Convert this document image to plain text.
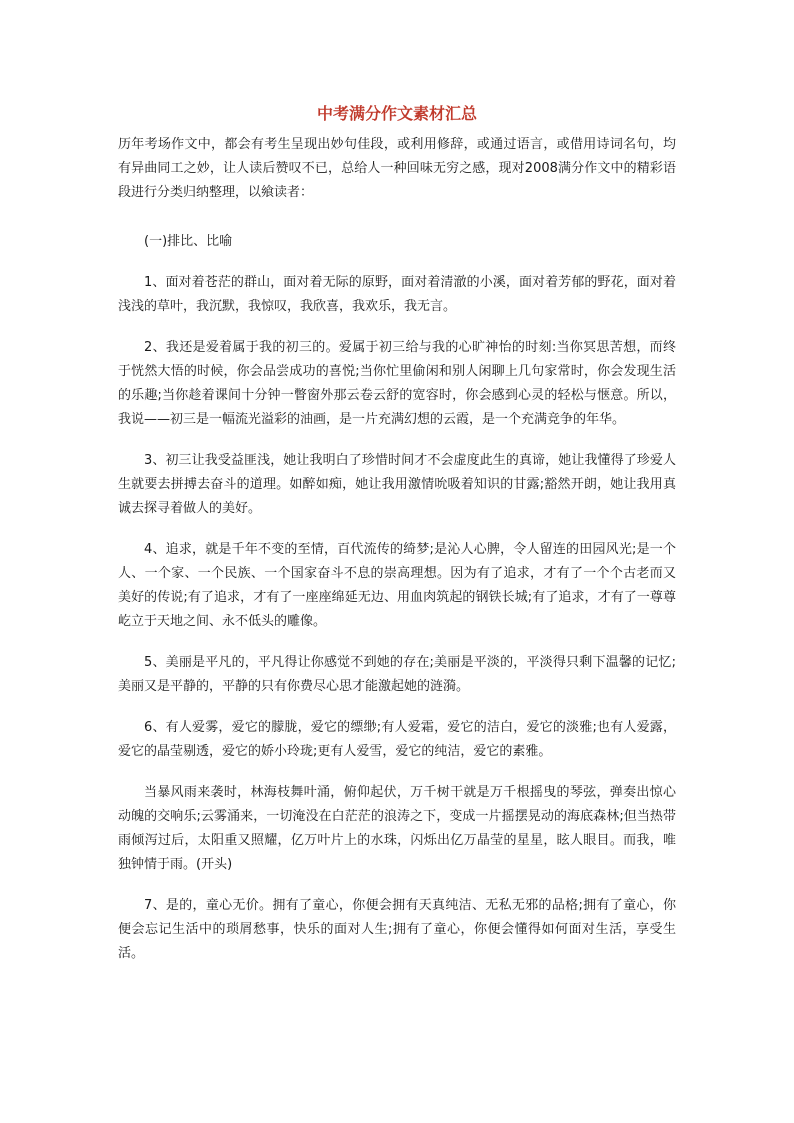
中考满分作文素材汇总

历年考场作文中，都会有考生呈现出妙句佳段，或利用修辞，或通过语言，或借用诗词名句，均有异曲同工之妙，让人读后赞叹不已，总给人一种回味无穷之感，现对2008满分作文中的精彩语段进行分类归纳整理，以飨读者：

(一)排比、比喻

1、面对着苍茫的群山，面对着无际的原野，面对着清澈的小溪，面对着芳郁的野花，面对着浅浅的草叶，我沉默，我惊叹，我欣喜，我欢乐，我无言。

2、我还是爱着属于我的初三的。爱属于初三给与我的心旷神怡的时刻:当你冥思苦想，而终于恍然大悟的时候，你会品尝成功的喜悦;当你忙里偷闲和别人闲聊上几句家常时，你会发现生活的乐趣;当你趁着课间十分钟一瞥窗外那云卷云舒的宽容时，你会感到心灵的轻松与惬意。所以，我说——初三是一幅流光溢彩的油画，是一片充满幻想的云霞，是一个充满竞争的年华。

3、初三让我受益匪浅，她让我明白了珍惜时间才不会虚度此生的真谛，她让我懂得了珍爱人生就要去拼搏去奋斗的道理。如醉如痴，她让我用激情吮吸着知识的甘露;豁然开朗，她让我用真诚去探寻着做人的美好。

4、追求，就是千年不变的至情，百代流传的绮梦;是沁人心脾，令人留连的田园风光;是一个人、一个家、一个民族、一个国家奋斗不息的崇高理想。因为有了追求，才有了一个个古老而又美好的传说;有了追求，才有了一座座绵延无边、用血肉筑起的钢铁长城;有了追求，才有了一尊尊屹立于天地之间、永不低头的雕像。

5、美丽是平凡的，平凡得让你感觉不到她的存在;美丽是平淡的，平淡得只剩下温馨的记忆;美丽又是平静的，平静的只有你费尽心思才能激起她的涟漪。

6、有人爱雾，爱它的朦胧，爱它的缥缈;有人爱霜，爱它的洁白，爱它的淡雅;也有人爱露，爱它的晶莹剔透，爱它的娇小玲珑;更有人爱雪，爱它的纯洁，爱它的素雅。

当暴风雨来袭时，林海枝舞叶涌，俯仰起伏，万千树干就是万千根摇曳的琴弦，弹奏出惊心动魄的交响乐;云雾涌来，一切淹没在白茫茫的浪涛之下，变成一片摇摆晃动的海底森林;但当热带雨倾泻过后，太阳重又照耀，亿万叶片上的水珠，闪烁出亿万晶莹的星星，眩人眼目。而我，唯独钟情于雨。(开头)

7、是的，童心无价。拥有了童心，你便会拥有天真纯洁、无私无邪的品格;拥有了童心，你便会忘记生活中的琐屑愁事，快乐的面对人生;拥有了童心，你便会懂得如何面对生活，享受生活。
